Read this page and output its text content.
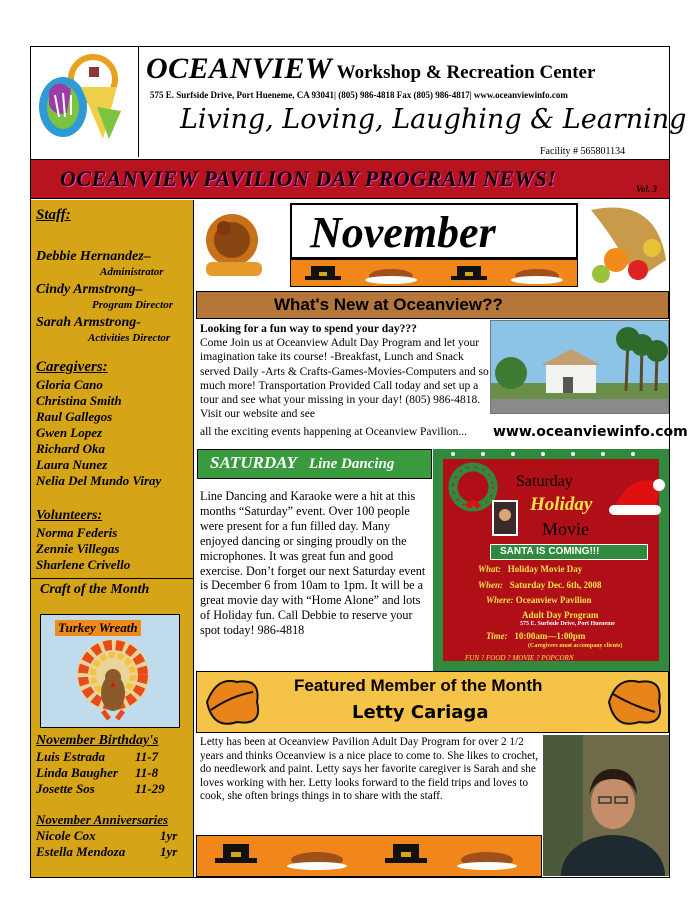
OCEANVIEW Workshop & Recreation Center
575 E. Surfside Drive, Port Hueneme, CA 93041| (805) 986-4818 Fax (805) 986-4817| www.oceanviewinfo.com
Living, Loving, Laughing & Learning
Facility # 565801134
OCEANVIEW PAVILION DAY PROGRAM NEWS!	Vol. 3
Staff:
Debbie Hernandez–
Administrator
Cindy Armstrong–
Program Director
Sarah Armstrong-
Activities Director
Caregivers:
Gloria Cano
Christina Smith
Raul Gallegos
Gwen Lopez
Richard Oka
Laura Nunez
Nelia Del Mundo Viray
Volunteers:
Norma Federis
Zennie Villegas
Sharlene Crivello
Craft of the Month
Turkey Wreath
November Birthday's
Luis Estrada 11-7
Linda Baugher 11-8
Josette Sos	11-29
November Anniversaries
Nicole Cox	1yr
Estella Mendoza	1yr
November
What's New at Oceanview??
Looking for a fun way to spend your day???
Come Join us at Oceanview Adult Day Program and let your imagination take its course! -Breakfast, Lunch and Snack served Daily -Arts & Crafts-Games-Movies-Computers and so much more! Transportation Provided Call today and set up a tour and see what your missing in your day! (805) 986-4818. Visit our website and see
all the exciting events happening at Oceanview Pavilion... www.oceanviewinfo.com
SATURDAY Line Dancing
Line Dancing and Karaoke were a hit at this months “Saturday” event. Over 100 people were present for a fun filled day. Many enjoyed dancing or singing proudly on the microphones. It was great fun and good exercise. Don’t forget our next Saturday event is December 6 from 10am to 1pm. It will be a great movie day with “Home Alone” and lots of Holiday fun. Call Debbie to reserve your spot today! 986-4818
Saturday
Holiday
Movie
SANTA IS COMING!!!
What: Holiday Movie Day
When: Saturday Dec. 6th, 2008
Where: Oceanview Pavilion
Adult Day Program
575 E. Surfside Drive, Port Hueneme
Time: 10:00am—1:00pm
(Caregivers must accompany clients)
FUN ? FOOD ? MOVIE ? POPCORN
Featured Member of the Month
Letty Cariaga
Letty has been at Oceanview Pavilion Adult Day Program for over 2 1/2 years and thinks Oceanview is a nice place to come to. She likes to crochet, do needlework and paint. Letty says her favorite caregiver is Sarah and she loves working with her. Letty looks forward to the field trips and loves to cook, she often brings things in to share with the staff.
